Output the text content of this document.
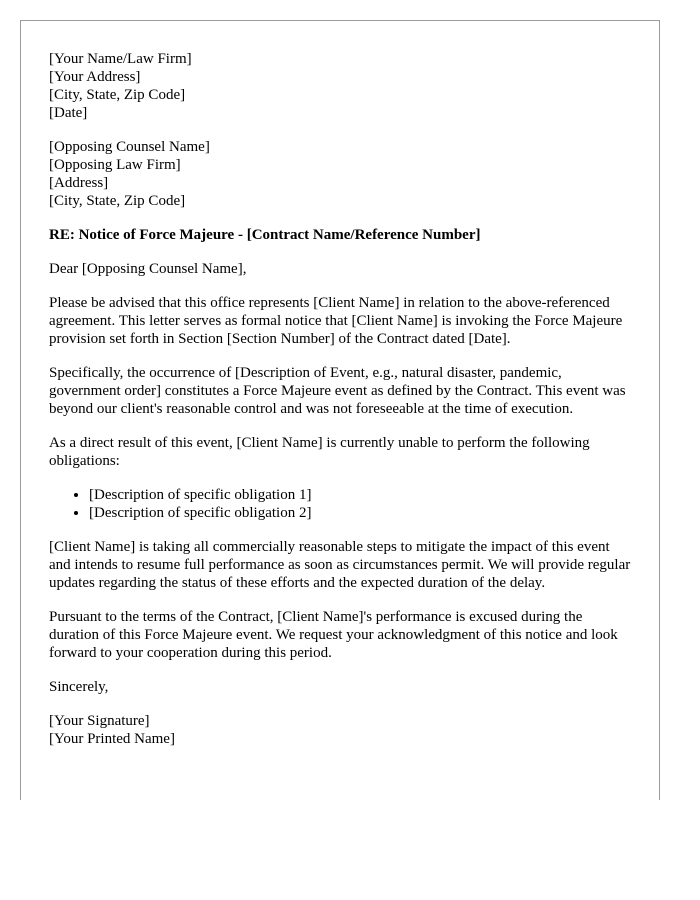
[Your Name/Law Firm]
[Your Address]
[City, State, Zip Code]
[Date]
[Opposing Counsel Name]
[Opposing Law Firm]
[Address]
[City, State, Zip Code]

RE: Notice of Force Majeure - [Contract Name/Reference Number]

Dear [Opposing Counsel Name],

Please be advised that this office represents [Client Name] in relation to the above-referenced agreement. This letter serves as formal notice that [Client Name] is invoking the Force Majeure provision set forth in Section [Section Number] of the Contract dated [Date].

Specifically, the occurrence of [Description of Event, e.g., natural disaster, pandemic, government order] constitutes a Force Majeure event as defined by the Contract. This event was beyond our client's reasonable control and was not foreseeable at the time of execution.

As a direct result of this event, [Client Name] is currently unable to perform the following obligations:

• [Description of specific obligation 1]
• [Description of specific obligation 2]

[Client Name] is taking all commercially reasonable steps to mitigate the impact of this event and intends to resume full performance as soon as circumstances permit. We will provide regular updates regarding the status of these efforts and the expected duration of the delay.

Pursuant to the terms of the Contract, [Client Name]'s performance is excused during the duration of this Force Majeure event. We request your acknowledgment of this notice and look forward to your cooperation during this period.

Sincerely,

[Your Signature]
[Your Printed Name]
